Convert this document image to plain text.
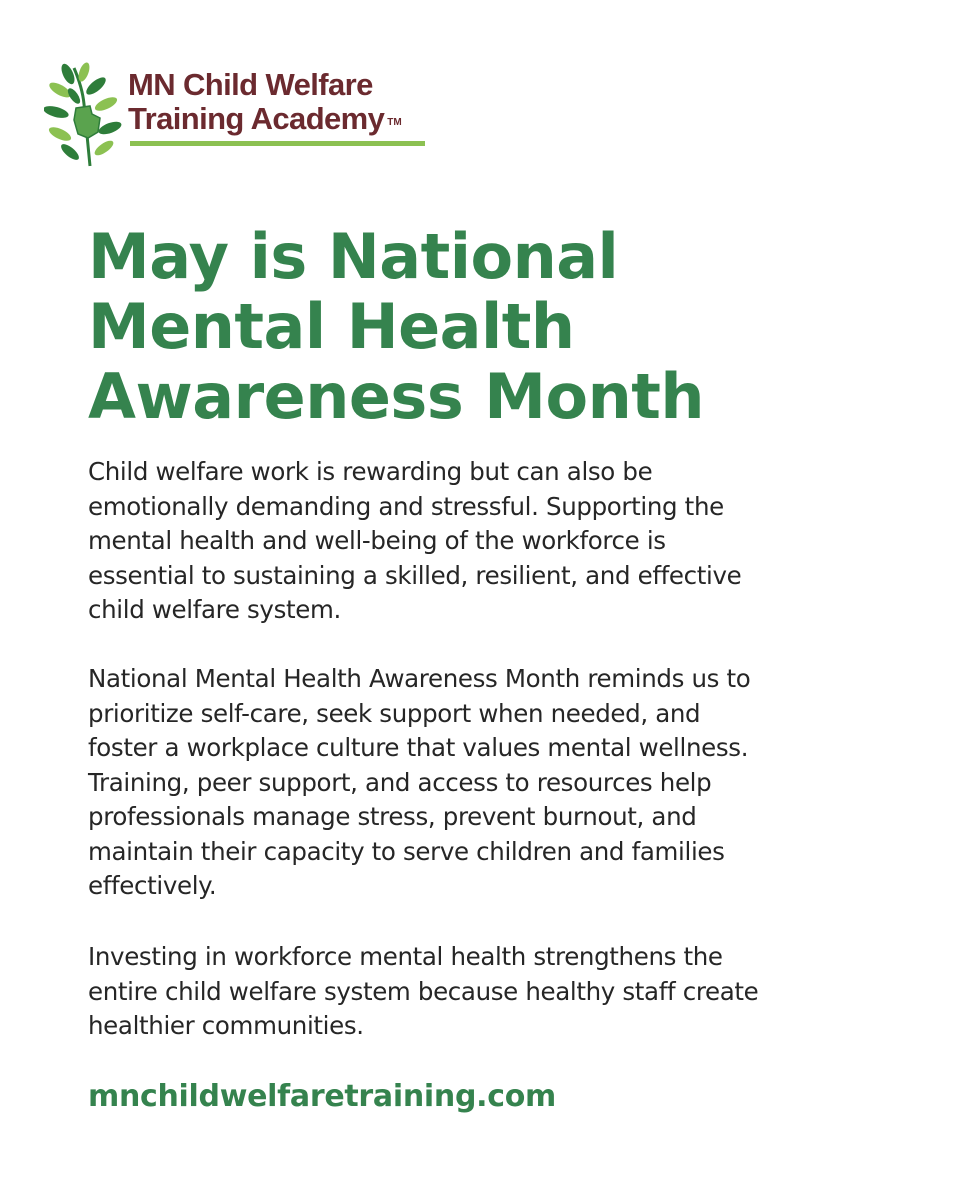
MN Child Welfare
Training Academy TM
May is National
Mental Health
Awareness Month

Child welfare work is rewarding but can also be
emotionally demanding and stressful. Supporting the
mental health and well-being of the workforce is
essential to sustaining a skilled, resilient, and effective
child welfare system.

National Mental Health Awareness Month reminds us to
prioritize self-care, seek support when needed, and
foster a workplace culture that values mental wellness.
Training, peer support, and access to resources help
professionals manage stress, prevent burnout, and
maintain their capacity to serve children and families
effectively.

Investing in workforce mental health strengthens the
entire child welfare system because healthy staff create
healthier communities.

mnchildwelfaretraining.com
